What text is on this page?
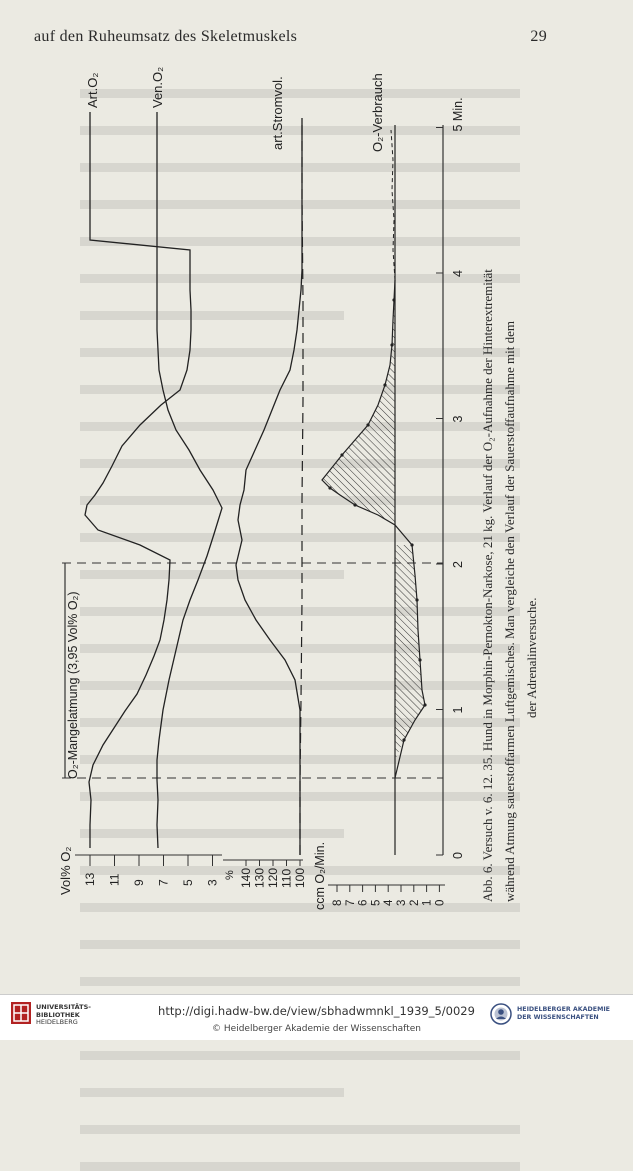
auf den Ruheumsatz des Skeletmuskels	29
0
1
2
3
4
5 Min.
13 11 9 7 5 3 140 130 120 110 100
8 7 6 5 4 3 2 1 0
Art.O₂	Ven.O₂	art.Stromvol.	O₂-Verbrauch
O₂-Mangelatmung (3,95 Vol% O₂)
Vol% O₂	%	ccm O₂/Min.	Abb. 6. Versuch v. 6. 12. 35. Hund in Morphin-Pernokton-Narkose, 21 kg. Verlauf der O₂-Aufnahme der Hinterextremität während Atmung sauerstoffarmen Luftgemisches. Man vergleiche den Verlauf der Sauerstoffaufnahme mit dem der Adrenalinversuche.
UNIVERSITÄTS-
BIBLIOTHEK
HEIDELBERG
http://digi.hadw-bw.de/view/sbhadwmnkl_1939_5/0029
© Heidelberger Akademie der Wissenschaften
HEIDELBERGER AKADEMIE
DER WISSENSCHAFTEN
